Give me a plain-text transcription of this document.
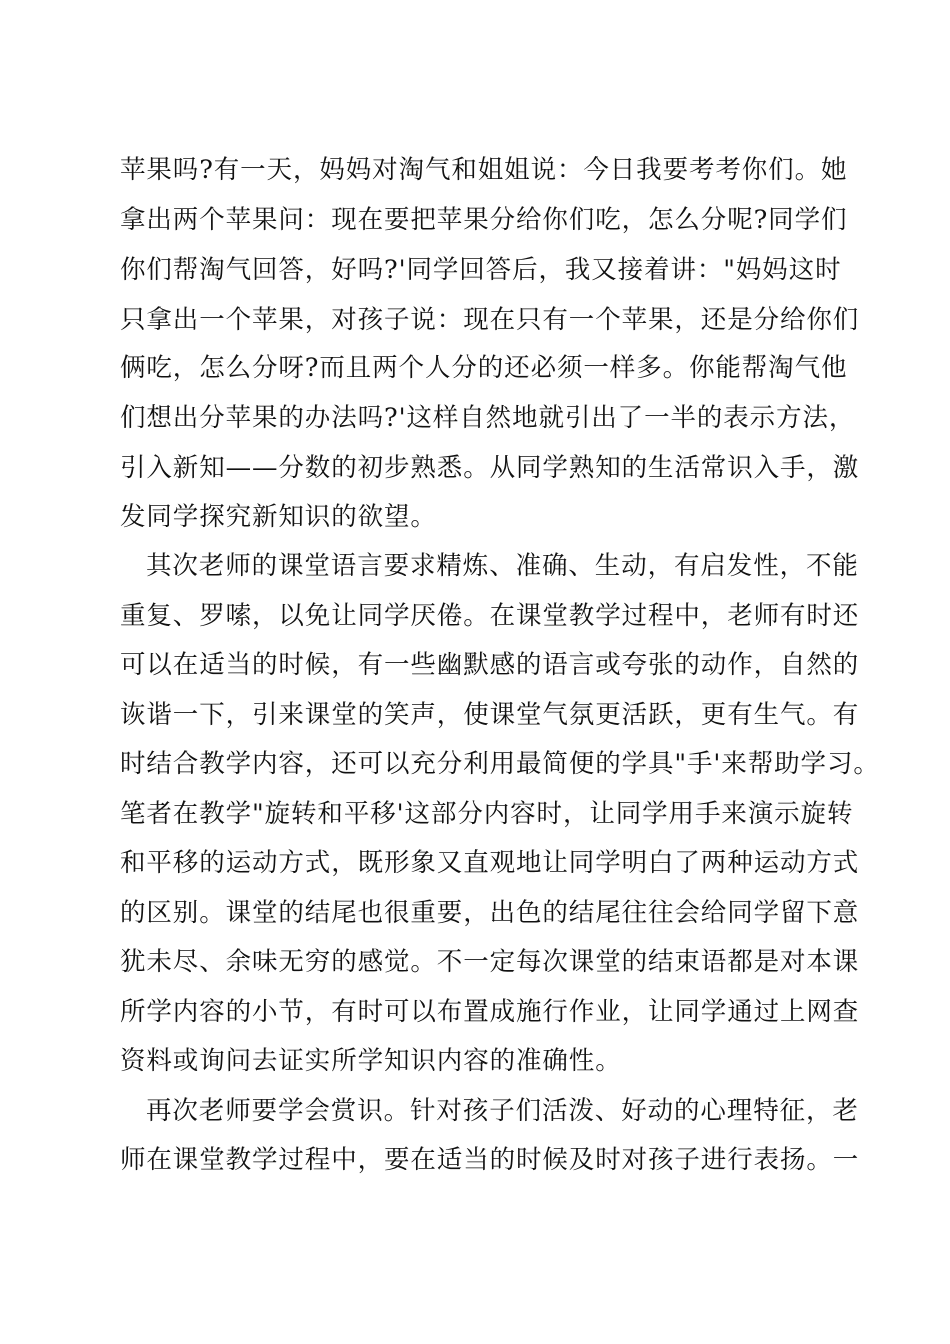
苹果吗?有一天，妈妈对淘气和姐姐说：今日我要考考你们。她
拿出两个苹果问：现在要把苹果分给你们吃，怎么分呢?同学们
你们帮淘气回答，好吗?'同学回答后，我又接着讲："妈妈这时
只拿出一个苹果，对孩子说：现在只有一个苹果，还是分给你们
俩吃，怎么分呀?而且两个人分的还必须一样多。你能帮淘气他
们想出分苹果的办法吗?'这样自然地就引出了一半的表示方法，
引入新知——分数的初步熟悉。从同学熟知的生活常识入手，激
发同学探究新知识的欲望。
其次老师的课堂语言要求精炼、准确、生动，有启发性，不能
重复、罗嗦，以免让同学厌倦。在课堂教学过程中，老师有时还
可以在适当的时候，有一些幽默感的语言或夸张的动作，自然的
诙谐一下，引来课堂的笑声，使课堂气氛更活跃，更有生气。有
时结合教学内容，还可以充分利用最简便的学具"手'来帮助学习。
笔者在教学"旋转和平移'这部分内容时，让同学用手来演示旋转
和平移的运动方式，既形象又直观地让同学明白了两种运动方式
的区别。课堂的结尾也很重要，出色的结尾往往会给同学留下意
犹未尽、余味无穷的感觉。不一定每次课堂的结束语都是对本课
所学内容的小节，有时可以布置成施行作业，让同学通过上网查
资料或询问去证实所学知识内容的准确性。
再次老师要学会赏识。针对孩子们活泼、好动的心理特征，老
师在课堂教学过程中，要在适当的时候及时对孩子进行表扬。一
